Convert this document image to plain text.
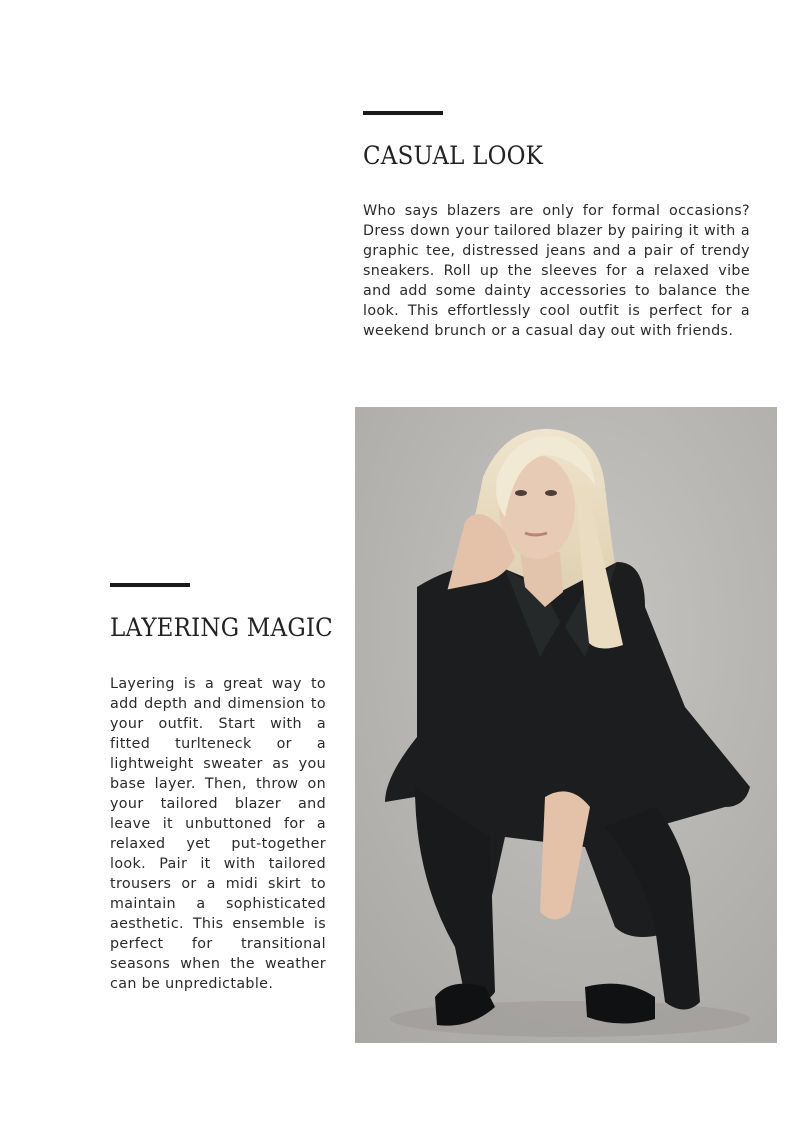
CASUAL LOOK

Who says blazers are only for formal occasions? Dress down your tailored blazer by pairing it with a graphic tee, distressed jeans and a pair of trendy sneakers. Roll up the sleeves for a relaxed vibe and add some dainty accessories to balance the look. This effortlessly cool outfit is perfect for a weekend brunch or a casual day out with friends.

LAYERING MAGIC

Layering is a great way to add depth and dimension to your outfit. Start with a fitted turlteneck or a lightweight sweater as you base layer. Then, throw on your tailored blazer and leave it unbuttoned for a relaxed yet put-together look. Pair it with tailored trousers or a midi skirt to maintain a sophisticated aesthetic. This ensemble is perfect for transitional seasons when the weather can be unpredictable.
